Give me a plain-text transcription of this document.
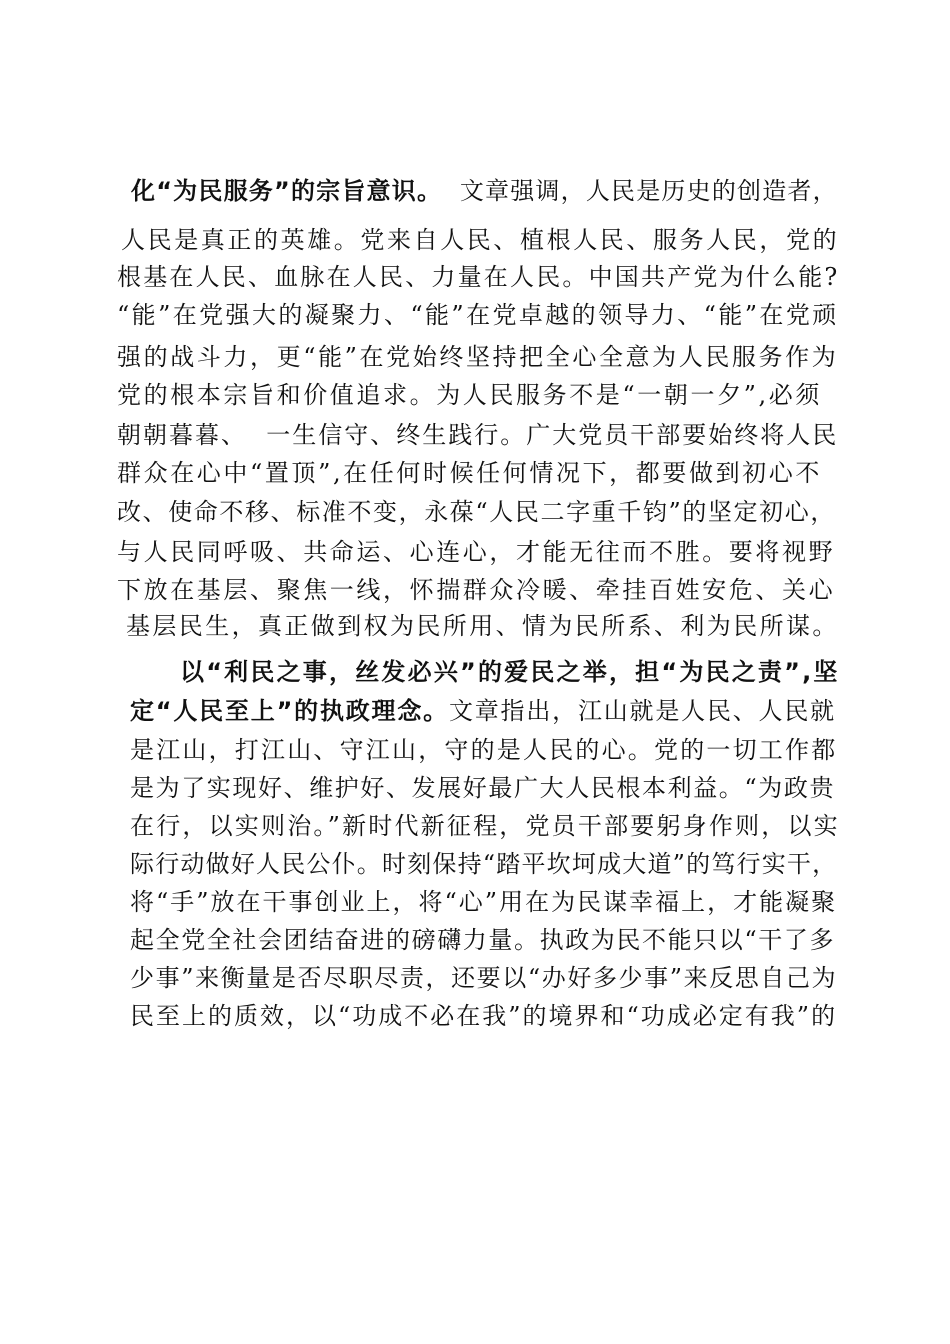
化“为民服务”的宗旨意识。  文章强调，人民是历史的创造者，
人民是真正的英雄。党来自人民、植根人民、服务人民，党的
根基在人民、血脉在人民、力量在人民。中国共产党为什么能?
“能”在党强大的凝聚力、“能”在党卓越的领导力、“能”在党顽
强的战斗力，更“能”在党始终坚持把全心全意为人民服务作为
党的根本宗旨和价值追求。为人民服务不是“一朝一夕”,必须
朝朝暮暮、  一生信守、终生践行。广大党员干部要始终将人民
群众在心中“置顶”,在任何时候任何情况下，都要做到初心不
改、使命不移、标准不变，永葆“人民二字重千钧”的坚定初心，
与人民同呼吸、共命运、心连心，才能无往而不胜。要将视野
下放在基层、聚焦一线，怀揣群众冷暖、牵挂百姓安危、关心
基层民生，真正做到权为民所用、情为民所系、利为民所谋。
以“利民之事，丝发必兴”的爱民之举，担“为民之责”,坚
定“人民至上”的执政理念。文章指出，江山就是人民、人民就
是江山，打江山、守江山，守的是人民的心。党的一切工作都
是为了实现好、维护好、发展好最广大人民根本利益。“为政贵
在行，以实则治。”新时代新征程，党员干部要躬身作则，以实
际行动做好人民公仆。时刻保持“踏平坎坷成大道”的笃行实干，
将“手”放在干事创业上，将“心”用在为民谋幸福上，才能凝聚
起全党全社会团结奋进的磅礴力量。执政为民不能只以“干了多
少事”来衡量是否尽职尽责，还要以“办好多少事”来反思自己为
民至上的质效，以“功成不必在我”的境界和“功成必定有我”的
